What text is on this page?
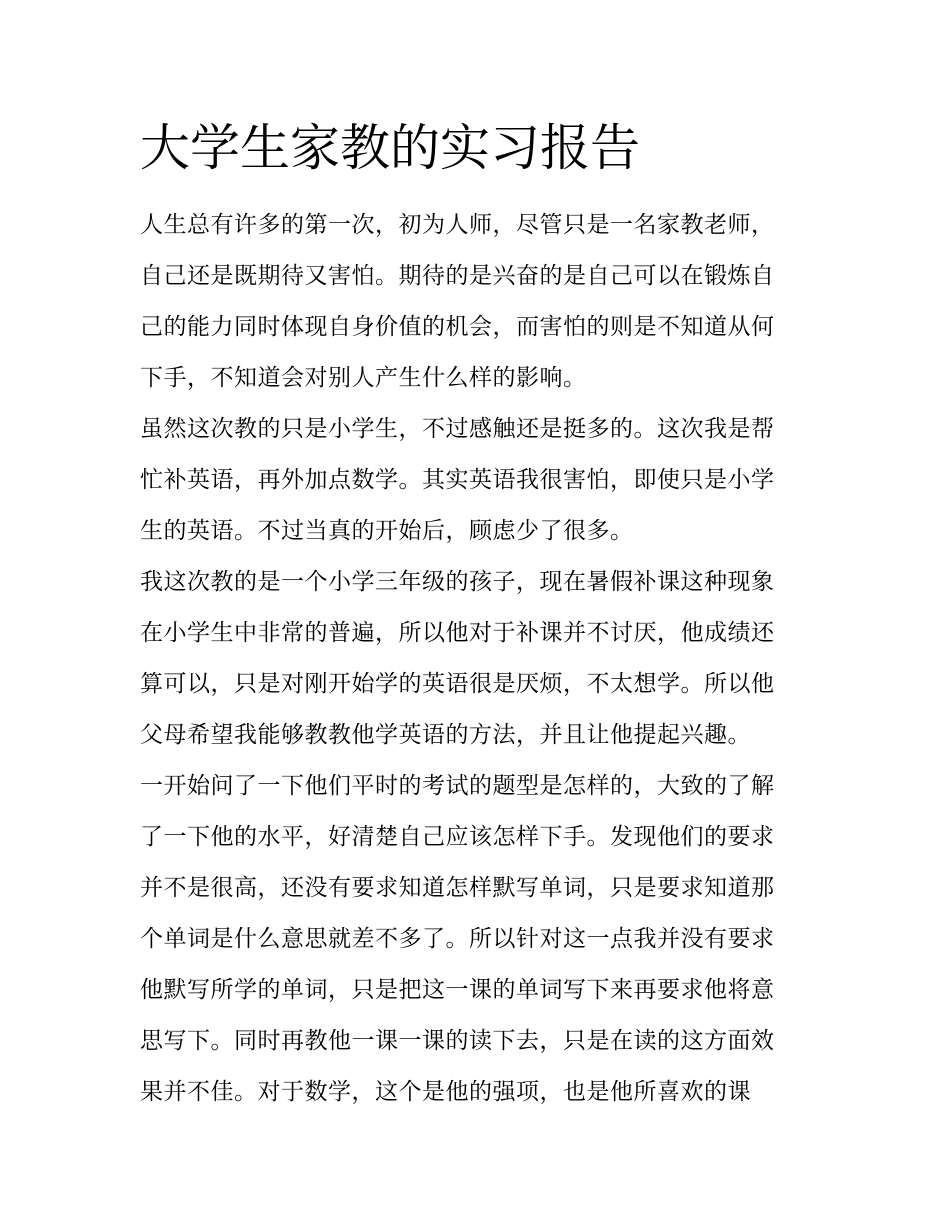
大学生家教的实习报告
人生总有许多的第一次，初为人师，尽管只是一名家教老师，
自己还是既期待又害怕。期待的是兴奋的是自己可以在锻炼自
己的能力同时体现自身价值的机会，而害怕的则是不知道从何
下手，不知道会对别人产生什么样的影响。
虽然这次教的只是小学生，不过感触还是挺多的。这次我是帮
忙补英语，再外加点数学。其实英语我很害怕，即使只是小学
生的英语。不过当真的开始后，顾虑少了很多。
我这次教的是一个小学三年级的孩子，现在暑假补课这种现象
在小学生中非常的普遍，所以他对于补课并不讨厌，他成绩还
算可以，只是对刚开始学的英语很是厌烦，不太想学。所以他
父母希望我能够教教他学英语的方法，并且让他提起兴趣。
一开始问了一下他们平时的考试的题型是怎样的，大致的了解
了一下他的水平，好清楚自己应该怎样下手。发现他们的要求
并不是很高，还没有要求知道怎样默写单词，只是要求知道那
个单词是什么意思就差不多了。所以针对这一点我并没有要求
他默写所学的单词，只是把这一课的单词写下来再要求他将意
思写下。同时再教他一课一课的读下去，只是在读的这方面效
果并不佳。对于数学，这个是他的强项，也是他所喜欢的课
